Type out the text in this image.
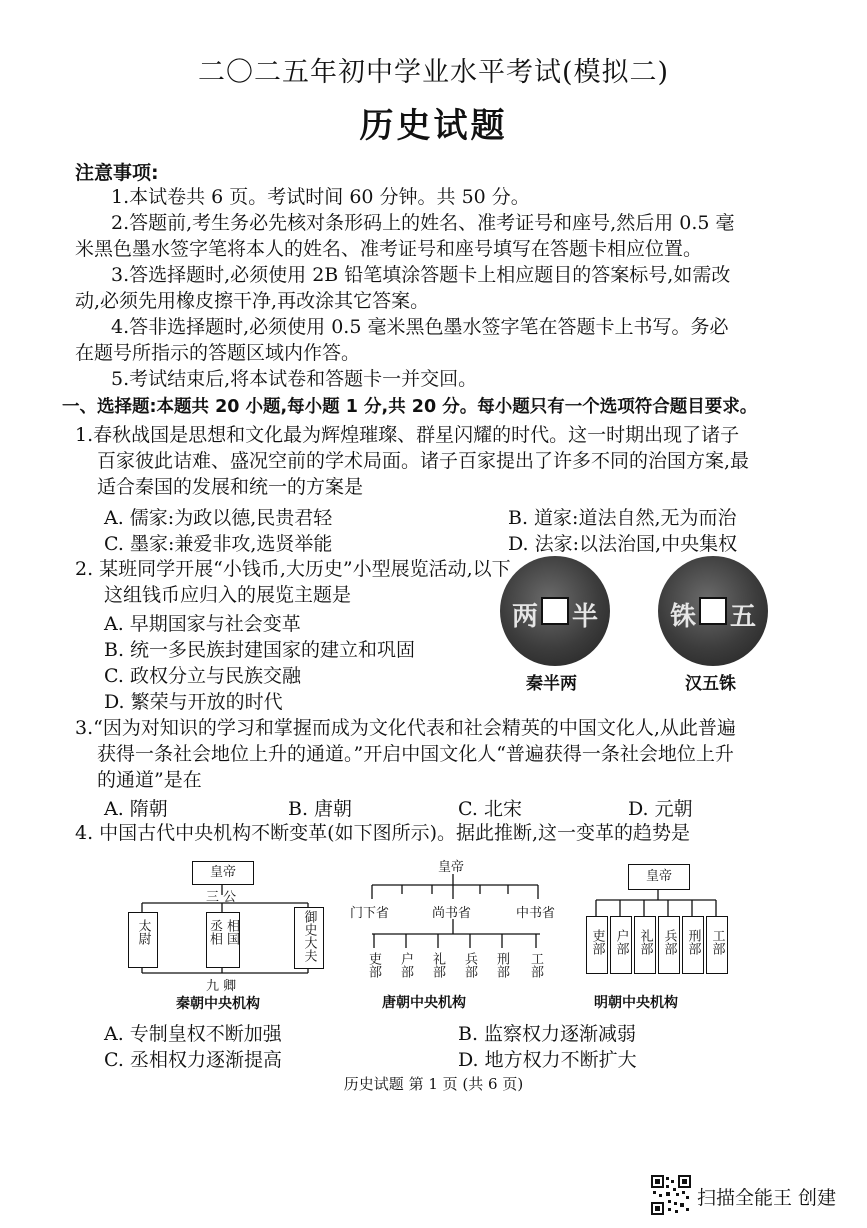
二〇二五年初中学业水平考试(模拟二)
历史试题
注意事项:
1.本试卷共 6 页。考试时间 60 分钟。共 50 分。
2.答题前,考生务必先核对条形码上的姓名、准考证号和座号,然后用 0.5 毫
米黑色墨水签字笔将本人的姓名、准考证号和座号填写在答题卡相应位置。
3.答选择题时,必须使用 2B 铅笔填涂答题卡上相应题目的答案标号,如需改
动,必须先用橡皮擦干净,再改涂其它答案。
4.答非选择题时,必须使用 0.5 毫米黑色墨水签字笔在答题卡上书写。务必
在题号所指示的答题区域内作答。
5.考试结束后,将本试卷和答题卡一并交回。
一、选择题:本题共 20 小题,每小题 1 分,共 20 分。每小题只有一个选项符合题目要求。
1.春秋战国是思想和文化最为辉煌璀璨、群星闪耀的时代。这一时期出现了诸子
百家彼此诘难、盛况空前的学术局面。诸子百家提出了许多不同的治国方案,最
适合秦国的发展和统一的方案是
A. 儒家:为政以德,民贵君轻	B. 道家:道法自然,无为而治
C. 墨家:兼爱非攻,选贤举能	D. 法家:以法治国,中央集权
2. 某班同学开展“小钱币,大历史”小型展览活动,以下
这组钱币应归入的展览主题是
A. 早期国家与社会变革
B. 统一多民族封建国家的建立和巩固
C. 政权分立与民族交融
D. 繁荣与开放的时代
两 半
秦半两
铢 五
汉五铢
3.“因为对知识的学习和掌握而成为文化代表和社会精英的中国文化人,从此普遍
获得一条社会地位上升的通道。”开启中国文化人“普遍获得一条社会地位上升
的通道”是在
A. 隋朝	B. 唐朝	C. 北宋	D. 元朝
4. 中国古代中央机构不断变革(如下图所示)。据此推断,这一变革的趋势是
皇帝
三 公
太尉	丞相 相国	御史大夫
九 卿
秦朝中央机构
皇帝
门下省	尚书省	中书省
吏部 户部 礼部 兵部 刑部 工部
唐朝中央机构
皇帝
吏部 户部 礼部 兵部 刑部 工部
明朝中央机构
A. 专制皇权不断加强	B. 监察权力逐渐减弱
C. 丞相权力逐渐提高	D. 地方权力不断扩大
历史试题 第 1 页 (共 6 页)
扫描全能王 创建
